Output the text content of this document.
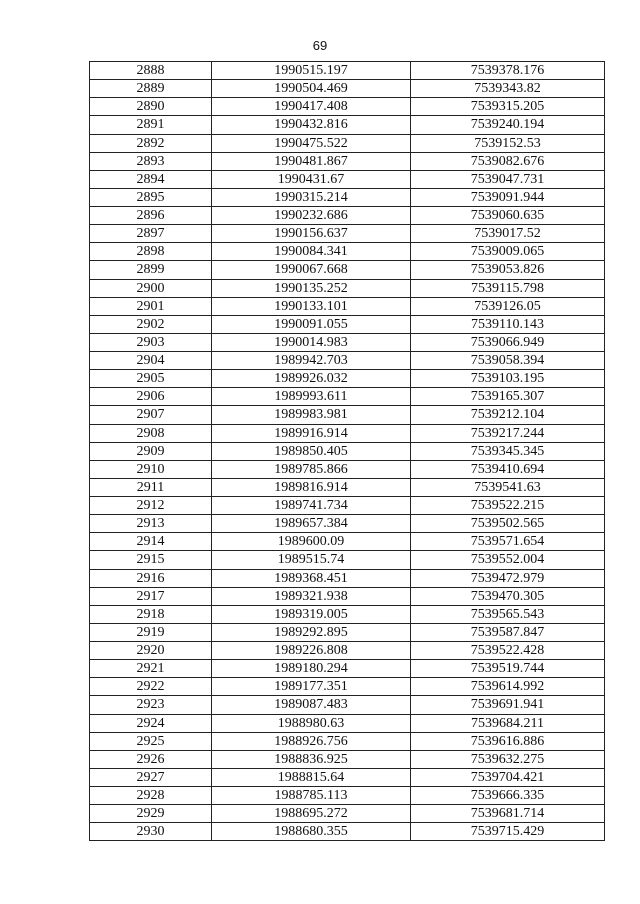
69
2888	1990515.197	7539378.176
2889	1990504.469	7539343.82
2890	1990417.408	7539315.205
2891	1990432.816	7539240.194
2892	1990475.522	7539152.53
2893	1990481.867	7539082.676
2894	1990431.67	7539047.731
2895	1990315.214	7539091.944
2896	1990232.686	7539060.635
2897	1990156.637	7539017.52
2898	1990084.341	7539009.065
2899	1990067.668	7539053.826
2900	1990135.252	7539115.798
2901	1990133.101	7539126.05
2902	1990091.055	7539110.143
2903	1990014.983	7539066.949
2904	1989942.703	7539058.394
2905	1989926.032	7539103.195
2906	1989993.611	7539165.307
2907	1989983.981	7539212.104
2908	1989916.914	7539217.244
2909	1989850.405	7539345.345
2910	1989785.866	7539410.694
2911	1989816.914	7539541.63
2912	1989741.734	7539522.215
2913	1989657.384	7539502.565
2914	1989600.09	7539571.654
2915	1989515.74	7539552.004
2916	1989368.451	7539472.979
2917	1989321.938	7539470.305
2918	1989319.005	7539565.543
2919	1989292.895	7539587.847
2920	1989226.808	7539522.428
2921	1989180.294	7539519.744
2922	1989177.351	7539614.992
2923	1989087.483	7539691.941
2924	1988980.63	7539684.211
2925	1988926.756	7539616.886
2926	1988836.925	7539632.275
2927	1988815.64	7539704.421
2928	1988785.113	7539666.335
2929	1988695.272	7539681.714
2930	1988680.355	7539715.429
